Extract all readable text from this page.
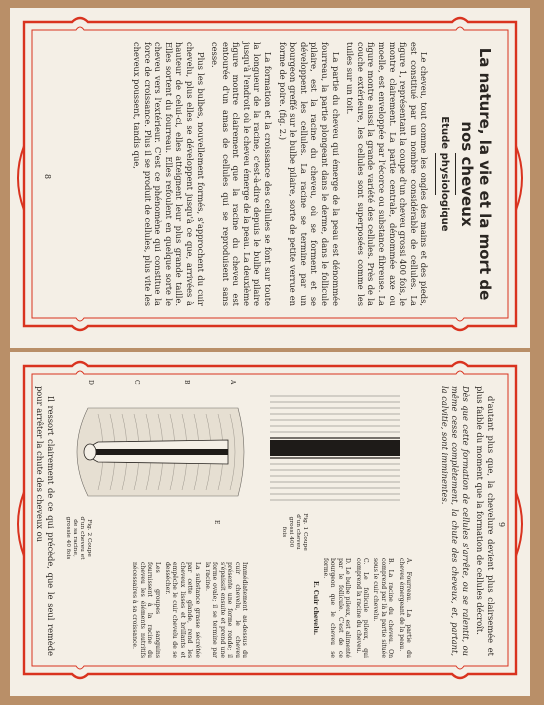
La nature, la vie et la mort de nos cheveux
Etude physiologique

Le cheveu, tout comme les ongles des mains et des pieds, est constitué par un nombre considérable de cellules. La figure 1, représentant la coupe d'un cheveu grossi 400 fois, le montre clairement. La partie centrale, dénommée axe ou moelle, est enveloppée par l'écorce ou substance fibreuse. La figure montre aussi la grande variété des cellules. Près de la couche extérieure, les cellules sont superposées comme les tuiles sur un toit.

La partie du cheveu qui émerge de la peau est dénommée fourreau, la partie plongeant dans le derme, dans le follicule pilaire, est la racine du cheveu, où se forment et se développent les cellules. La racine se termine par un bourgeon greffé sur le bulbe pilaire, sorte de petite verrue en forme de poire. (fig. 2.)

La formation et la croissance des cellules se font sur toute la longueur de la racine, c'est-à-dire depuis le bulbe pilaire jusqu'à l'endroit où le cheveu émerge de la peau. La deuxième figure montre clairement que la racine du cheveu est entourée d'un amas de cellules qui se reproduisent sans cesse.

Plus les bulbes, nouvellement formés, s'approchent du cuir chevelu, plus elles se développent jusqu'à ce que, arrivées à hauteur de celui-ci, elles atteignent leur plus grande taille. Elles sortent du fourreau. Elles refoulent en quelque sorte le cheveu vers l'extérieur. C'est ce phénomène qui constitue la force de croissance. Plus il se produit de cellules, plus vite les cheveux poussent, tandis que,

8

d'autant plus que, la chevelure devient plus clairsemée et plus faible du moment que la formation de cellules décroît.

Dès que cette formation de cellules s'arrête, ou se ralentit, ou même cesse complètement, la chute des cheveux, et, partant, la calvitie, sont imminentes.

Fig. 1 Coupe d'un cheveu grossi 400 fois

A. Fourreau. La partie du cheveu émergeant de la peau.

B. La racine du cheveu. On comprend par là la partie située sous le cuir chevelu.

C. Le follicule pileux, qui comprend la racine du cheveu.

D. Le bulbe pileux, est alimenté par le follicule. C'est de ce bourgeon que le cheveu se forme.

E. Cuir chevelu.

A
B
C
D
E
Fig. 2 Coupe d'un cheveu et de sa racine, grossie 40 fois

Immédiatement au-dessus du cuir chevelu, le cheveu présente une forme ronde; il s'épaissit ensuite et prend une forme ovale; il se termine par la racine.

La substance grasse sécrétée par cette glande, rend les cheveux lisses et brillants et empêche le cuir chevelu de se dessécher.

Les groupes sanguins fournissent à la racine du cheveu les éléments nutritifs nécessaires à sa croissance.

Il ressort clairement de ce qui précède, que le seul remède pour arrêter la chute des cheveux ou	9
